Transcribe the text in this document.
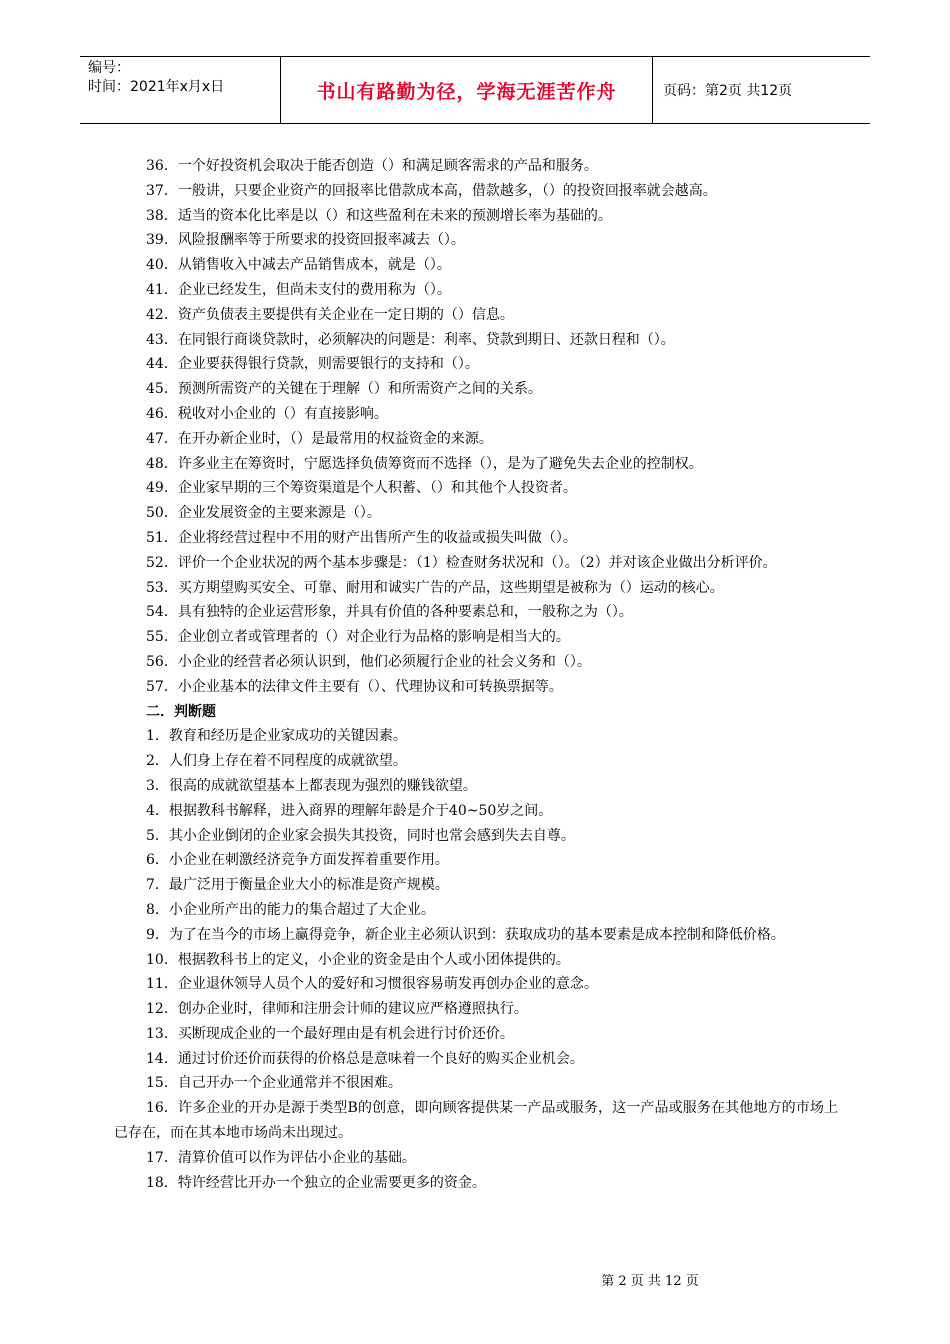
编号：
时间：2021年x月x日	书山有路勤为径，学海无涯苦作舟	页码：第2页 共12页

36．一个好投资机会取决于能否创造（）和满足顾客需求的产品和服务。

37．一般讲，只要企业资产的回报率比借款成本高，借款越多，（）的投资回报率就会越高。

38．适当的资本化比率是以（）和这些盈利在未来的预测增长率为基础的。

39．风险报酬率等于所要求的投资回报率减去（）。

40．从销售收入中减去产品销售成本，就是（）。

41．企业已经发生，但尚未支付的费用称为（）。

42．资产负债表主要提供有关企业在一定日期的（）信息。

43．在同银行商谈贷款时，必须解决的问题是：利率、贷款到期日、还款日程和（）。

44．企业要获得银行贷款，则需要银行的支持和（）。

45．预测所需资产的关键在于理解（）和所需资产之间的关系。

46．税收对小企业的（）有直接影响。

47．在开办新企业时，（）是最常用的权益资金的来源。

48．许多业主在筹资时，宁愿选择负债筹资而不选择（），是为了避免失去企业的控制权。

49．企业家早期的三个筹资渠道是个人积蓄、（）和其他个人投资者。

50．企业发展资金的主要来源是（）。

51．企业将经营过程中不用的财产出售所产生的收益或损失叫做（）。

52．评价一个企业状况的两个基本步骤是：（1）检查财务状况和（）。（2）并对该企业做出分析评价。

53．买方期望购买安全、可靠、耐用和诚实广告的产品，这些期望是被称为（）运动的核心。

54．具有独特的企业运营形象，并具有价值的各种要素总和，一般称之为（）。

55．企业创立者或管理者的（）对企业行为品格的影响是相当大的。

56．小企业的经营者必须认识到，他们必须履行企业的社会义务和（）。

57．小企业基本的法律文件主要有（）、代理协议和可转换票据等。

二．判断题

1．教育和经历是企业家成功的关键因素。

2．人们身上存在着不同程度的成就欲望。

3．很高的成就欲望基本上都表现为强烈的赚钱欲望。

4．根据教科书解释，进入商界的理解年龄是介于40~50岁之间。

5．其小企业倒闭的企业家会损失其投资，同时也常会感到失去自尊。

6．小企业在刺激经济竞争方面发挥着重要作用。

7．最广泛用于衡量企业大小的标准是资产规模。

8．小企业所产出的能力的集合超过了大企业。

9．为了在当今的市场上赢得竞争，新企业主必须认识到：获取成功的基本要素是成本控制和降低价格。

10．根据教科书上的定义，小企业的资金是由个人或小团体提供的。

11．企业退休领导人员个人的爱好和习惯很容易萌发再创办企业的意念。

12．创办企业时，律师和注册会计师的建议应严格遵照执行。

13．买断现成企业的一个最好理由是有机会进行讨价还价。

14．通过讨价还价而获得的价格总是意味着一个良好的购买企业机会。

15．自己开办一个企业通常并不很困难。

16．许多企业的开办是源于类型B的创意，即向顾客提供某一产品或服务，这一产品或服务在其他地方的市场上已存在，而在其本地市场尚未出现过。

17．清算价值可以作为评估小企业的基础。

18．特许经营比开办一个独立的企业需要更多的资金。

第 2 页 共 12 页
